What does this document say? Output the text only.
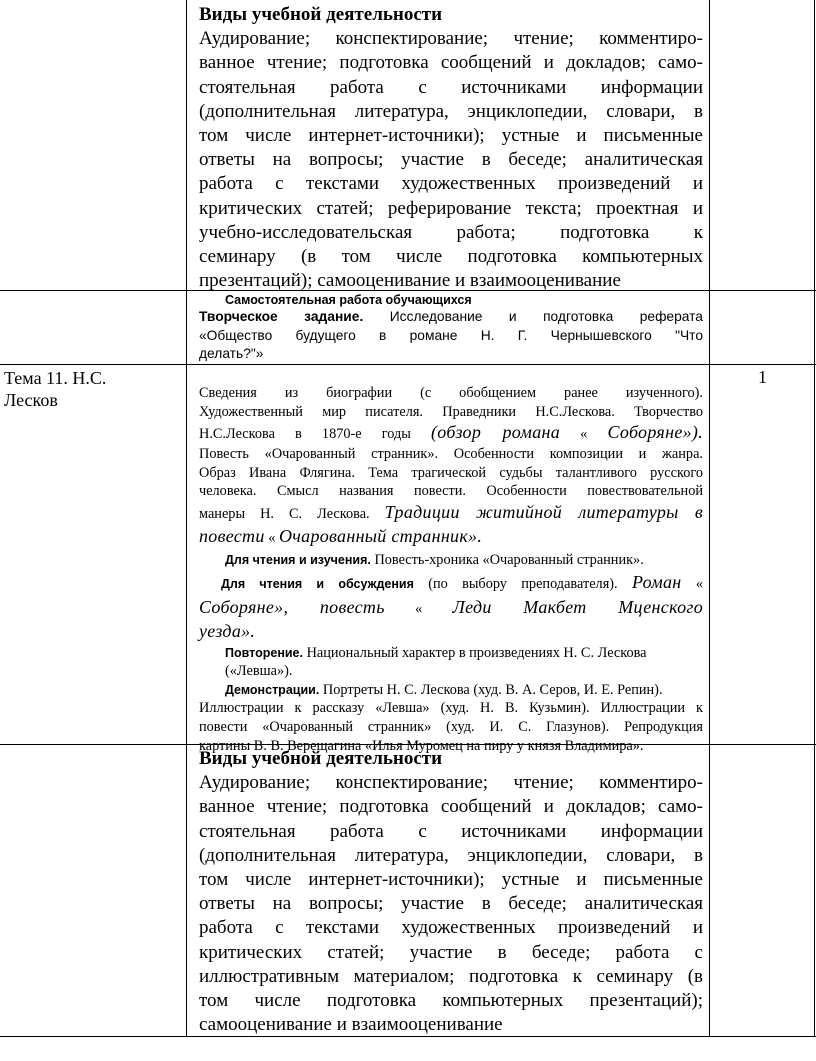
Виды учебной деятельности
Аудирование; конспектирование; чтение; комментиро-
ванное чтение; подготовка сообщений и докладов; само-
стоятельная работа с источниками информации
(дополнительная литература, энциклопедии, словари, в
том числе интернет-источники); устные и письменные
ответы на вопросы; участие в беседе; аналитическая
работа с текстами художественных произведений и
критических статей; реферирование текста; проектная и
учебно-исследовательская работа; подготовка к
семинару (в том числе подготовка компьютерных
презентаций); самооценивание и взаимооценивание
Самостоятельная работа обучающихся
Творческое задание. Исследование и подготовка реферата
«Общество будущего в романе Н. Г. Чернышевского "Что
делать?"»
Тема 11. Н.С.
Лесков
1
Сведения из биографии (с обобщением ранее изученного).
Художественный мир писателя. Праведники Н.С.Лескова. Творчество
Н.С.Лескова в 1870-е годы (обзор романа « Соборяне»).
Повесть «Очарованный странник». Особенности композиции и жанра.
Образ Ивана Флягина. Тема трагической судьбы талантливого русского
человека. Смысл названия повести. Особенности повествовательной
манеры Н. С. Лескова. Традиции житийной литературы в
повести « Очарованный странник».
Для чтения и изучения. Повесть-хроника «Очарованный странник».
Для чтения и обсуждения (по выбору преподавателя). Роман «
Соборяне», повесть « Леди Макбет Мценского
уезда».
Повторение. Национальный характер в произведениях Н. С. Лескова
(«Левша»).
Демонстрации. Портреты Н. С. Лескова (худ. В. А. Серов, И. Е. Репин).
Иллюстрации к рассказу «Левша» (худ. Н. В. Кузьмин). Иллюстрации к
повести «Очарованный странник» (худ. И. С. Глазунов). Репродукция
картины В. В. Верещагина «Илья Муромец на пиру у князя Владимира».
Виды учебной деятельности
Аудирование; конспектирование; чтение; комментиро-
ванное чтение; подготовка сообщений и докладов; само-
стоятельная работа с источниками информации
(дополнительная литература, энциклопедии, словари, в
том числе интернет-источники); устные и письменные
ответы на вопросы; участие в беседе; аналитическая
работа с текстами художественных произведений и
критических статей; участие в беседе; работа с
иллюстративным материалом; подготовка к семинару (в
том числе подготовка компьютерных презентаций);
самооценивание и взаимооценивание
